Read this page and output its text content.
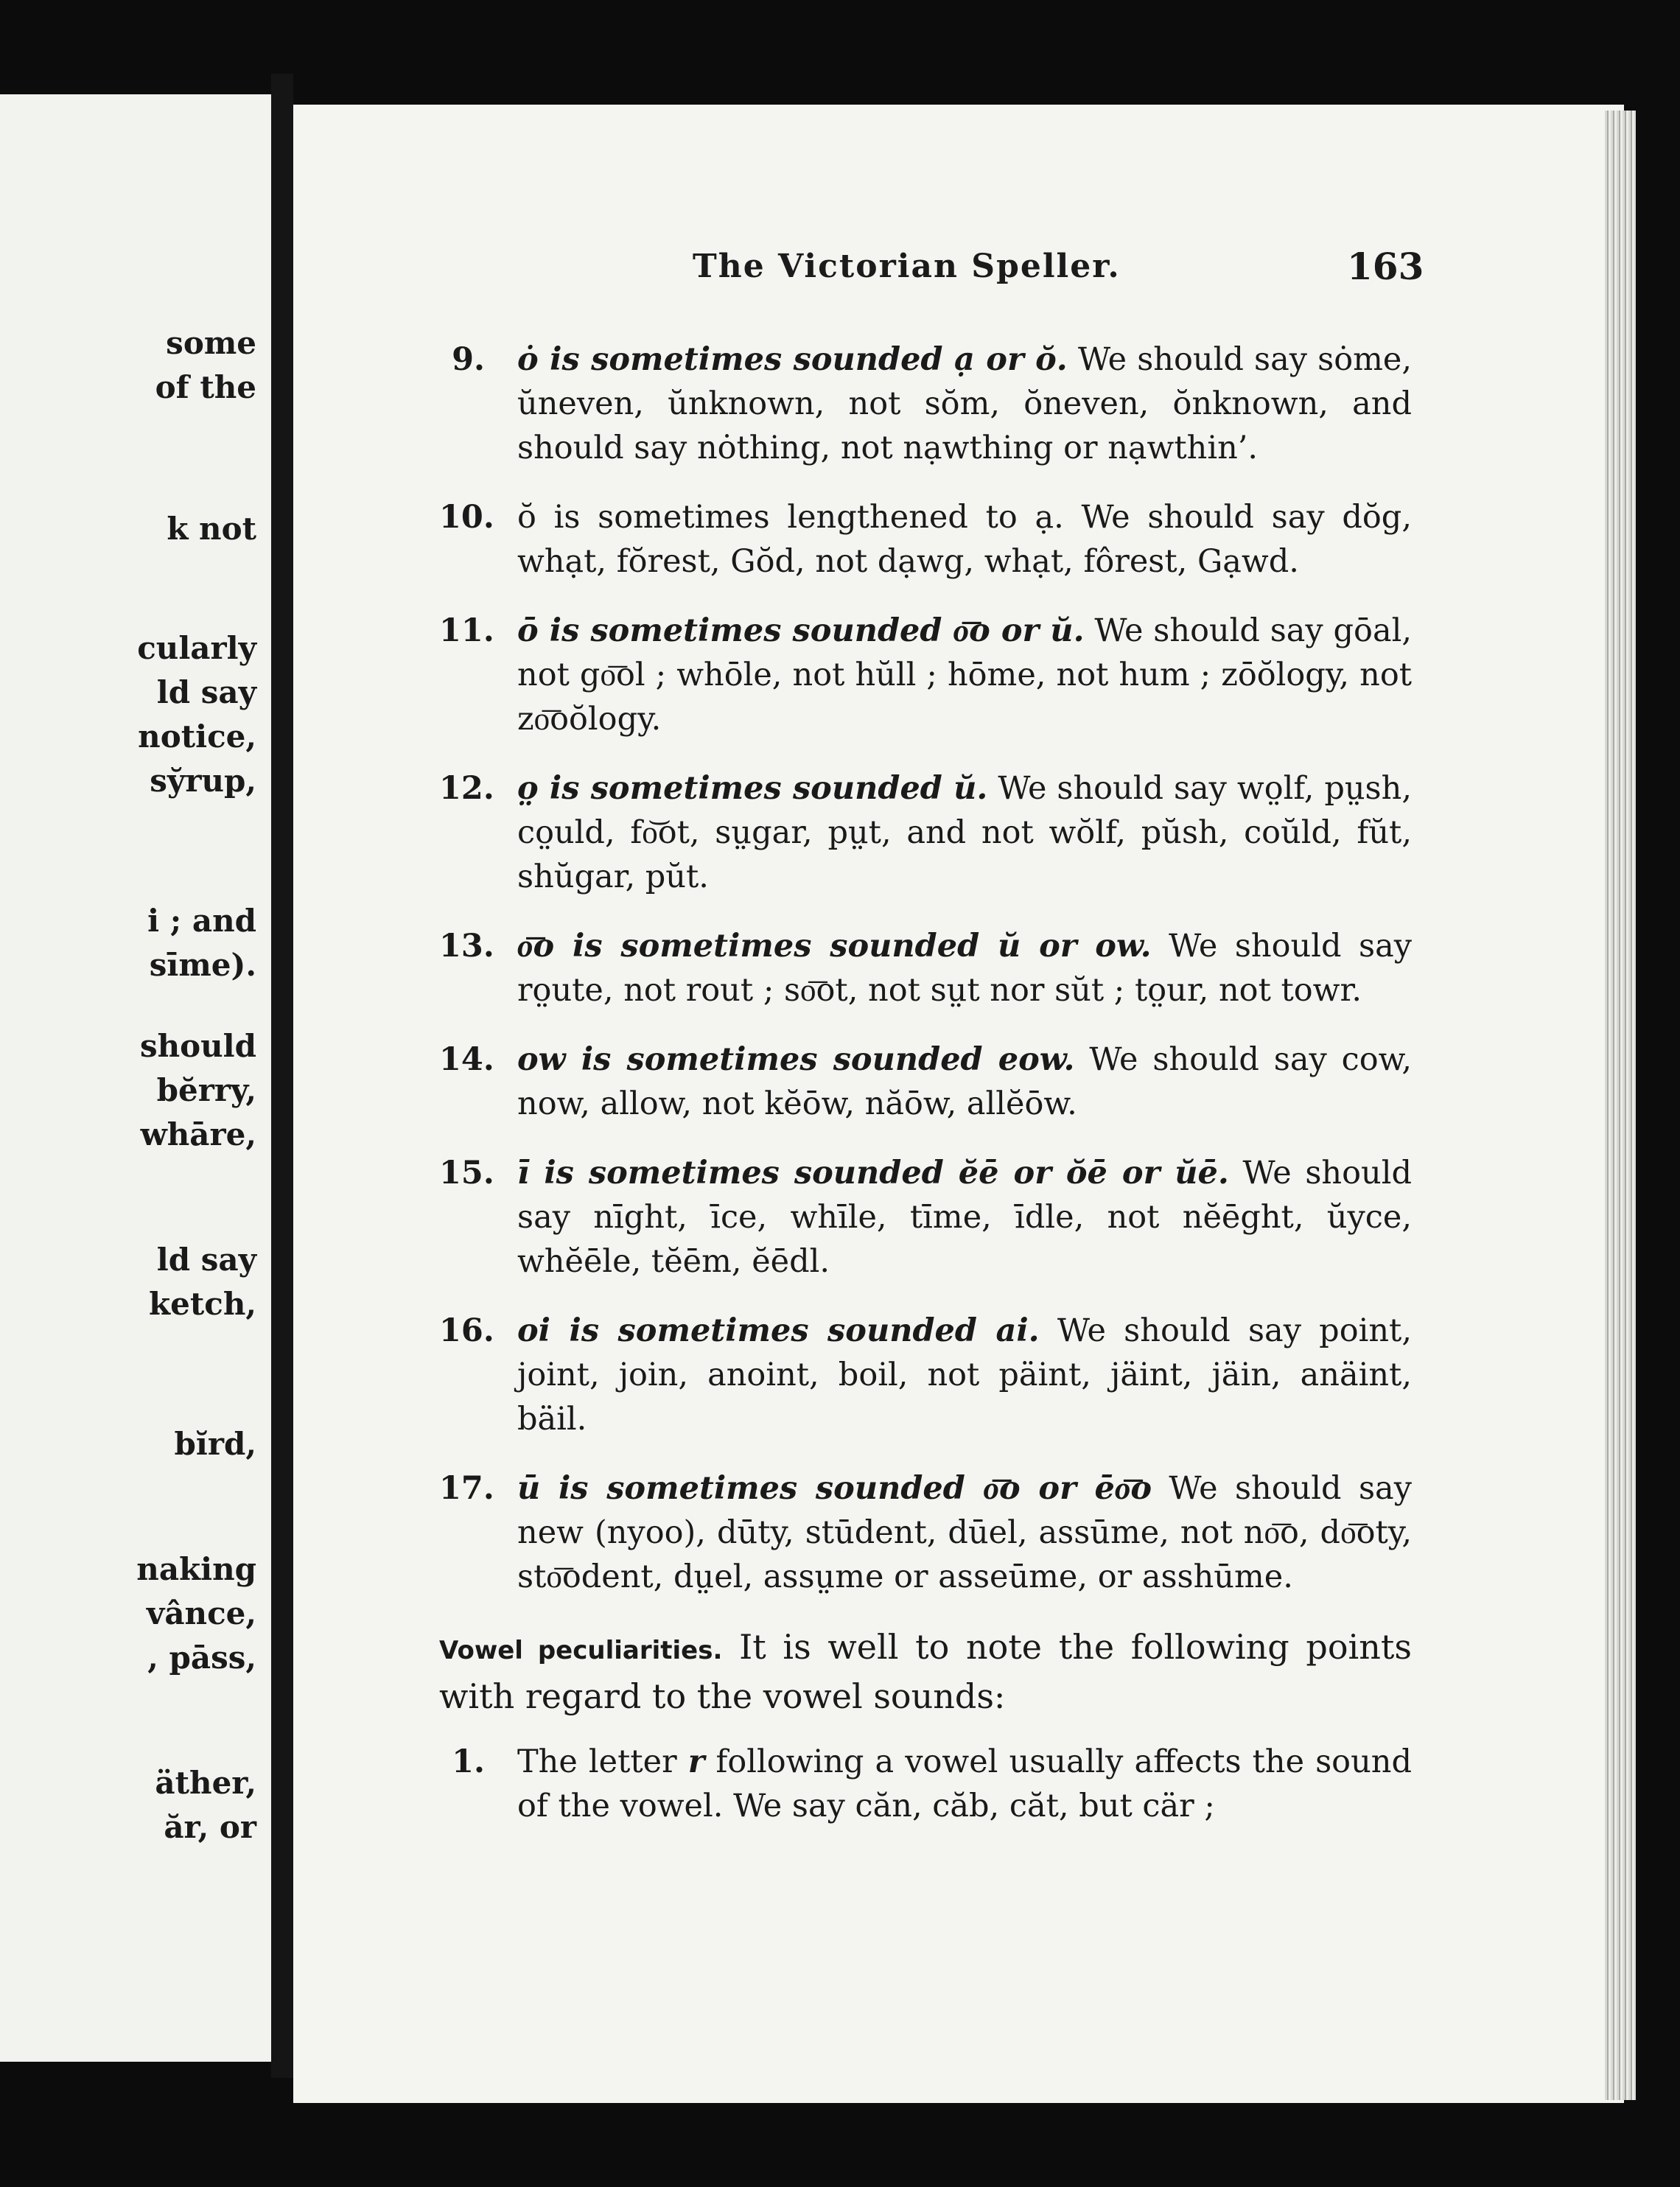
some
of the
k not
cularly
ld say
notice,
sy̆rup,
i ; and
sīme).
should
bĕrry,
whāre,
ld say
ketch,
bĭrd,
naking
vânce,
, pāss,
äther,
ăr, or
The Victorian Speller.	163
9. ȯ is sometimes sounded ạ or ŏ. We should say sȯme, ŭneven, ŭnknown, not sŏm, ŏneven, ŏnknown, and should say nȯthing, not nạwthing or nạwthin’.
10. ŏ is sometimes lengthened to ạ. We should say dŏg, whạt, fŏrest, Gŏd, not dạwg, whạt, fôrest, Gạwd.
11. ō is sometimes sounded o͞o or ŭ. We should say gōal, not go͞ol ; whōle, not hŭll ; hōme, not hum ; zōŏlogy, not zo͞oŏlogy.
12. o̤ is sometimes sounded ŭ. We should say wo̤lf, pṳsh, co̤uld, fo͝ot, sṳgar, pṳt, and not wŏlf, pŭsh, coŭld, fŭt, shŭgar, pŭt.
13. o͞o is sometimes sounded ŭ or ow. We should say ro̤ute, not rout ; so͞ot, not sṳt nor sŭt ; to̤ur, not towr.
14. ow is sometimes sounded eow. We should say cow, now, allow, not kĕōw, năōw, allĕōw.
15. ī is sometimes sounded ĕē or ŏē or ŭē. We should say nīght, īce, whīle, tīme, īdle, not nĕēght, ŭyce, whĕēle, tĕēm, ĕēdl.
16. oi is sometimes sounded ai. We should say point, joint, join, anoint, boil, not päint, jäint, jäin, anäint, bäil.
17. ū is sometimes sounded o͞o or ēo͞o We should say new (nyoo), dūty, stūdent, dūel, assūme, not no͞o, do͞oty, sto͞odent, dṳel, assṳme or asseūme, or asshūme.
Vowel peculiarities. It is well to note the following points with regard to the vowel sounds:
1. The letter r following a vowel usually affects the sound of the vowel. We say căn, căb, căt, but cär ;
